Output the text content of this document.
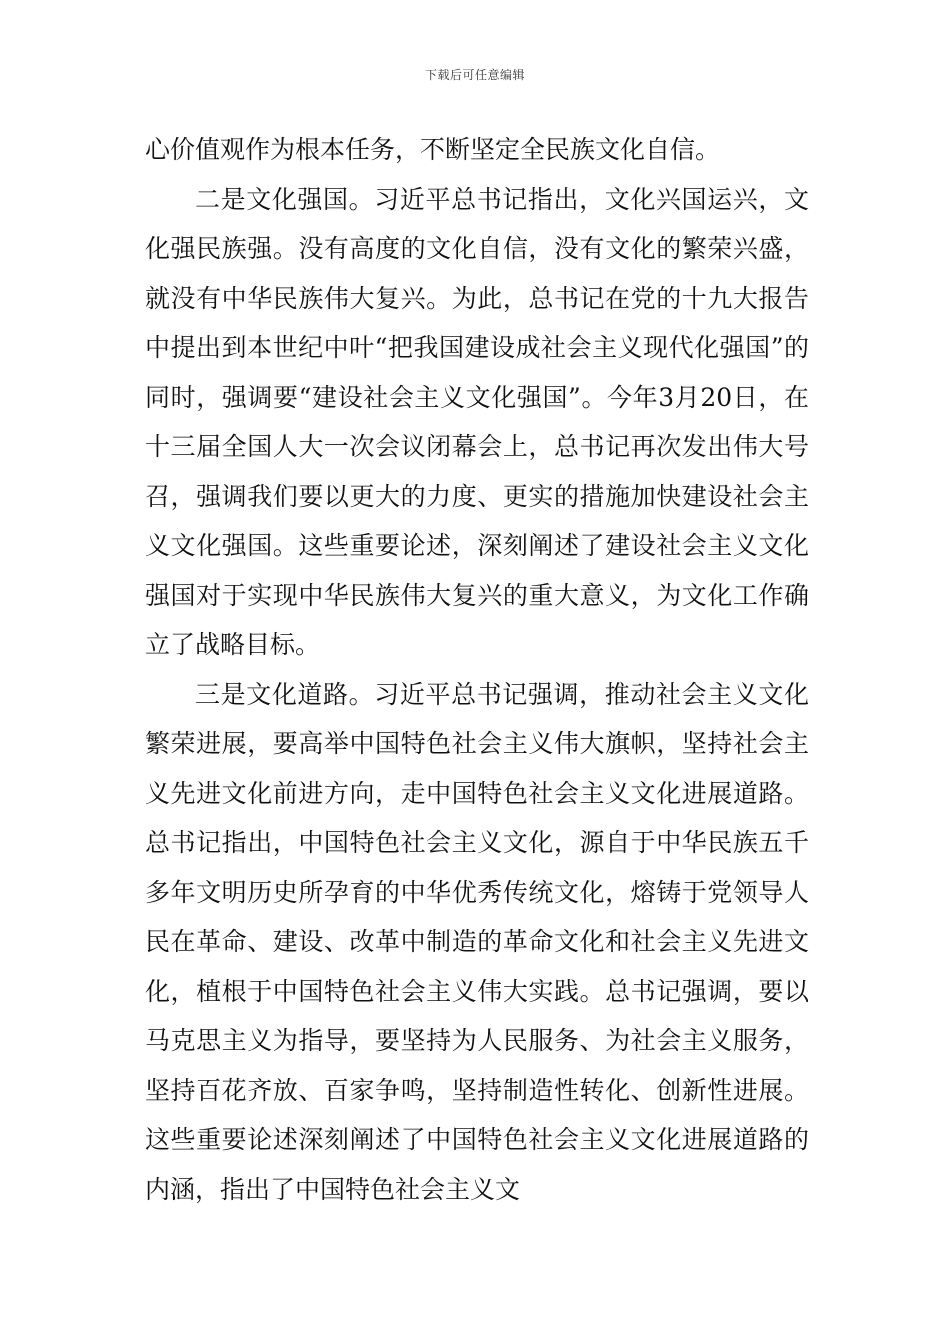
下载后可任意编辑

心价值观作为根本任务，不断坚定全民族文化自信。

二是文化强国。习近平总书记指出，文化兴国运兴，文化强民族强。没有高度的文化自信，没有文化的繁荣兴盛，就没有中华民族伟大复兴。为此，总书记在党的十九大报告中提出到本世纪中叶“把我国建设成社会主义现代化强国”的同时，强调要“建设社会主义文化强国”。今年3月20日，在十三届全国人大一次会议闭幕会上，总书记再次发出伟大号召，强调我们要以更大的力度、更实的措施加快建设社会主义文化强国。这些重要论述，深刻阐述了建设社会主义文化强国对于实现中华民族伟大复兴的重大意义，为文化工作确立了战略目标。

三是文化道路。习近平总书记强调，推动社会主义文化繁荣进展，要高举中国特色社会主义伟大旗帜，坚持社会主义先进文化前进方向，走中国特色社会主义文化进展道路。总书记指出，中国特色社会主义文化，源自于中华民族五千多年文明历史所孕育的中华优秀传统文化，熔铸于党领导人民在革命、建设、改革中制造的革命文化和社会主义先进文化，植根于中国特色社会主义伟大实践。总书记强调，要以马克思主义为指导，要坚持为人民服务、为社会主义服务，坚持百花齐放、百家争鸣，坚持制造性转化、创新性进展。这些重要论述深刻阐述了中国特色社会主义文化进展道路的内涵，指出了中国特色社会主义文
